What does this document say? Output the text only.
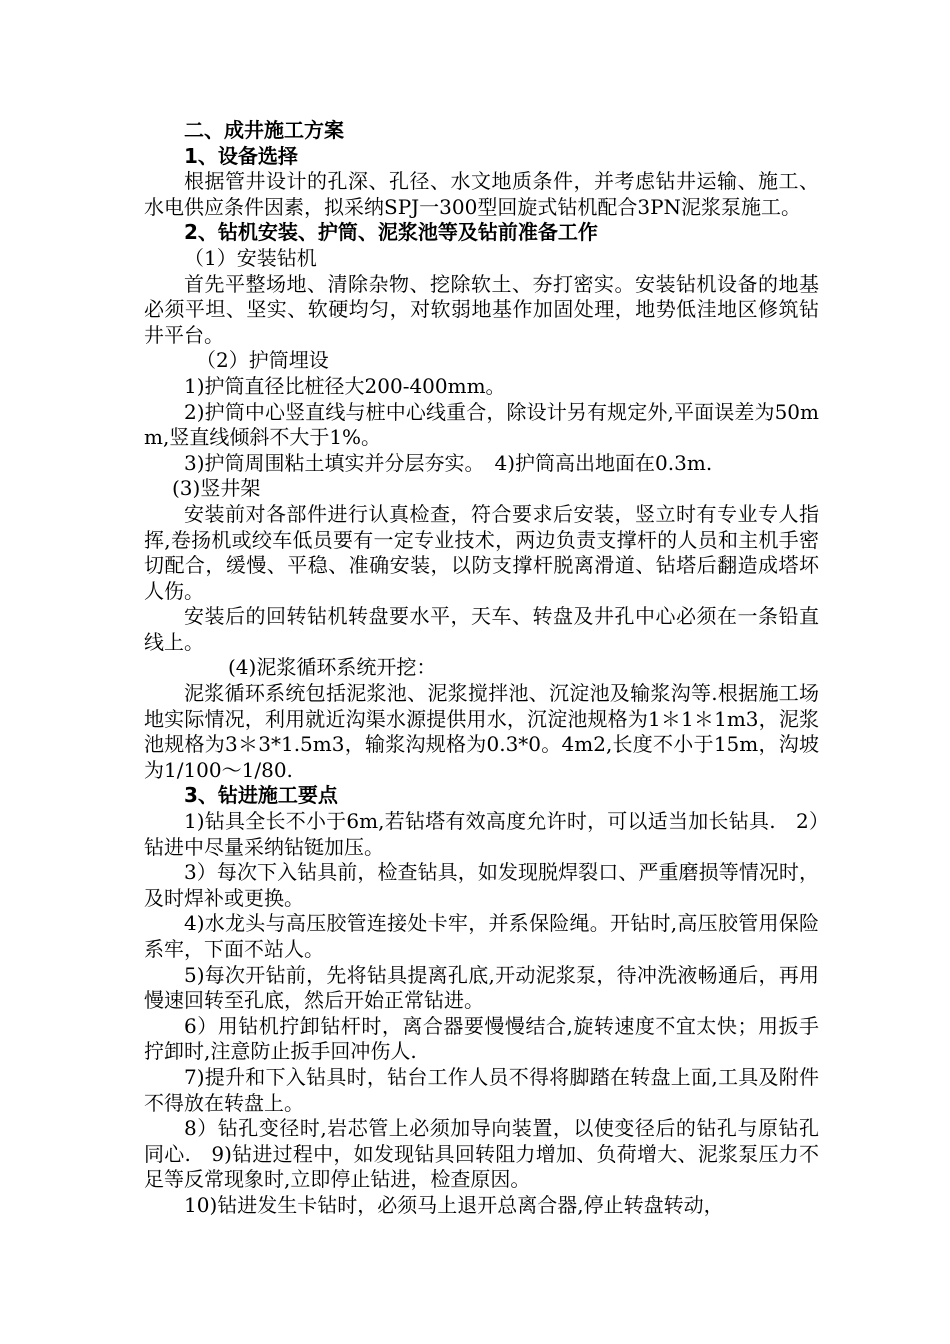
二、成井施工方案

1、设备选择

根据管井设计的孔深、孔径、水文地质条件，并考虑钻井运输、施工、水电供应条件因素，拟采纳SPJ一300型回旋式钻机配合3PN泥浆泵施工。

2、钻机安装、护筒、泥浆池等及钻前准备工作

（1）安装钻机

首先平整场地、清除杂物、挖除软土、夯打密实。安装钻机设备的地基必须平坦、坚实、软硬均匀，对软弱地基作加固处理，地势低洼地区修筑钻井平台。

（2）护筒埋设

1)护筒直径比桩径大200-400mm。

2)护筒中心竖直线与桩中心线重合，除设计另有规定外,平面误差为50mm,竖直线倾斜不大于1%。

3)护筒周围粘土填实并分层夯实。　4)护筒高出地面在0.3m.

(3)竖井架

安装前对各部件进行认真检查，符合要求后安装，竖立时有专业专人指挥,卷扬机或绞车低员要有一定专业技术，两边负责支撑杆的人员和主机手密切配合，缓慢、平稳、准确安装，以防支撑杆脱离滑道、钻塔后翻造成塔坏人伤。

安装后的回转钻机转盘要水平，天车、转盘及井孔中心必须在一条铅直线上。

(4)泥浆循环系统开挖：

泥浆循环系统包括泥浆池、泥浆搅拌池、沉淀池及输浆沟等.根据施工场地实际情况，利用就近沟渠水源提供用水，沉淀池规格为1＊1＊1m3，泥浆池规格为3＊3*1.5m3，输浆沟规格为0.3*0。4m2,长度不小于15m，沟坡为1/100～1/80.

3、钻进施工要点

1)钻具全长不小于6m,若钻塔有效高度允许时，可以适当加长钻具.　2）钻进中尽量采纳钻铤加压。

3）每次下入钻具前，检查钻具，如发现脱焊裂口、严重磨损等情况时，及时焊补或更换。

4)水龙头与高压胶管连接处卡牢，并系保险绳。开钻时,高压胶管用保险系牢，下面不站人。

5)每次开钻前，先将钻具提离孔底,开动泥浆泵，待冲洗液畅通后，再用慢速回转至孔底，然后开始正常钻进。

6）用钻机拧卸钻杆时，离合器要慢慢结合,旋转速度不宜太快；用扳手拧卸时,注意防止扳手回冲伤人.

7)提升和下入钻具时，钻台工作人员不得将脚踏在转盘上面,工具及附件不得放在转盘上。

8）钻孔变径时,岩芯管上必须加导向装置，以使变径后的钻孔与原钻孔同心.　9)钻进过程中，如发现钻具回转阻力增加、负荷增大、泥浆泵压力不足等反常现象时,立即停止钻进，检查原因。

10)钻进发生卡钻时，必须马上退开总离合器,停止转盘转动，
